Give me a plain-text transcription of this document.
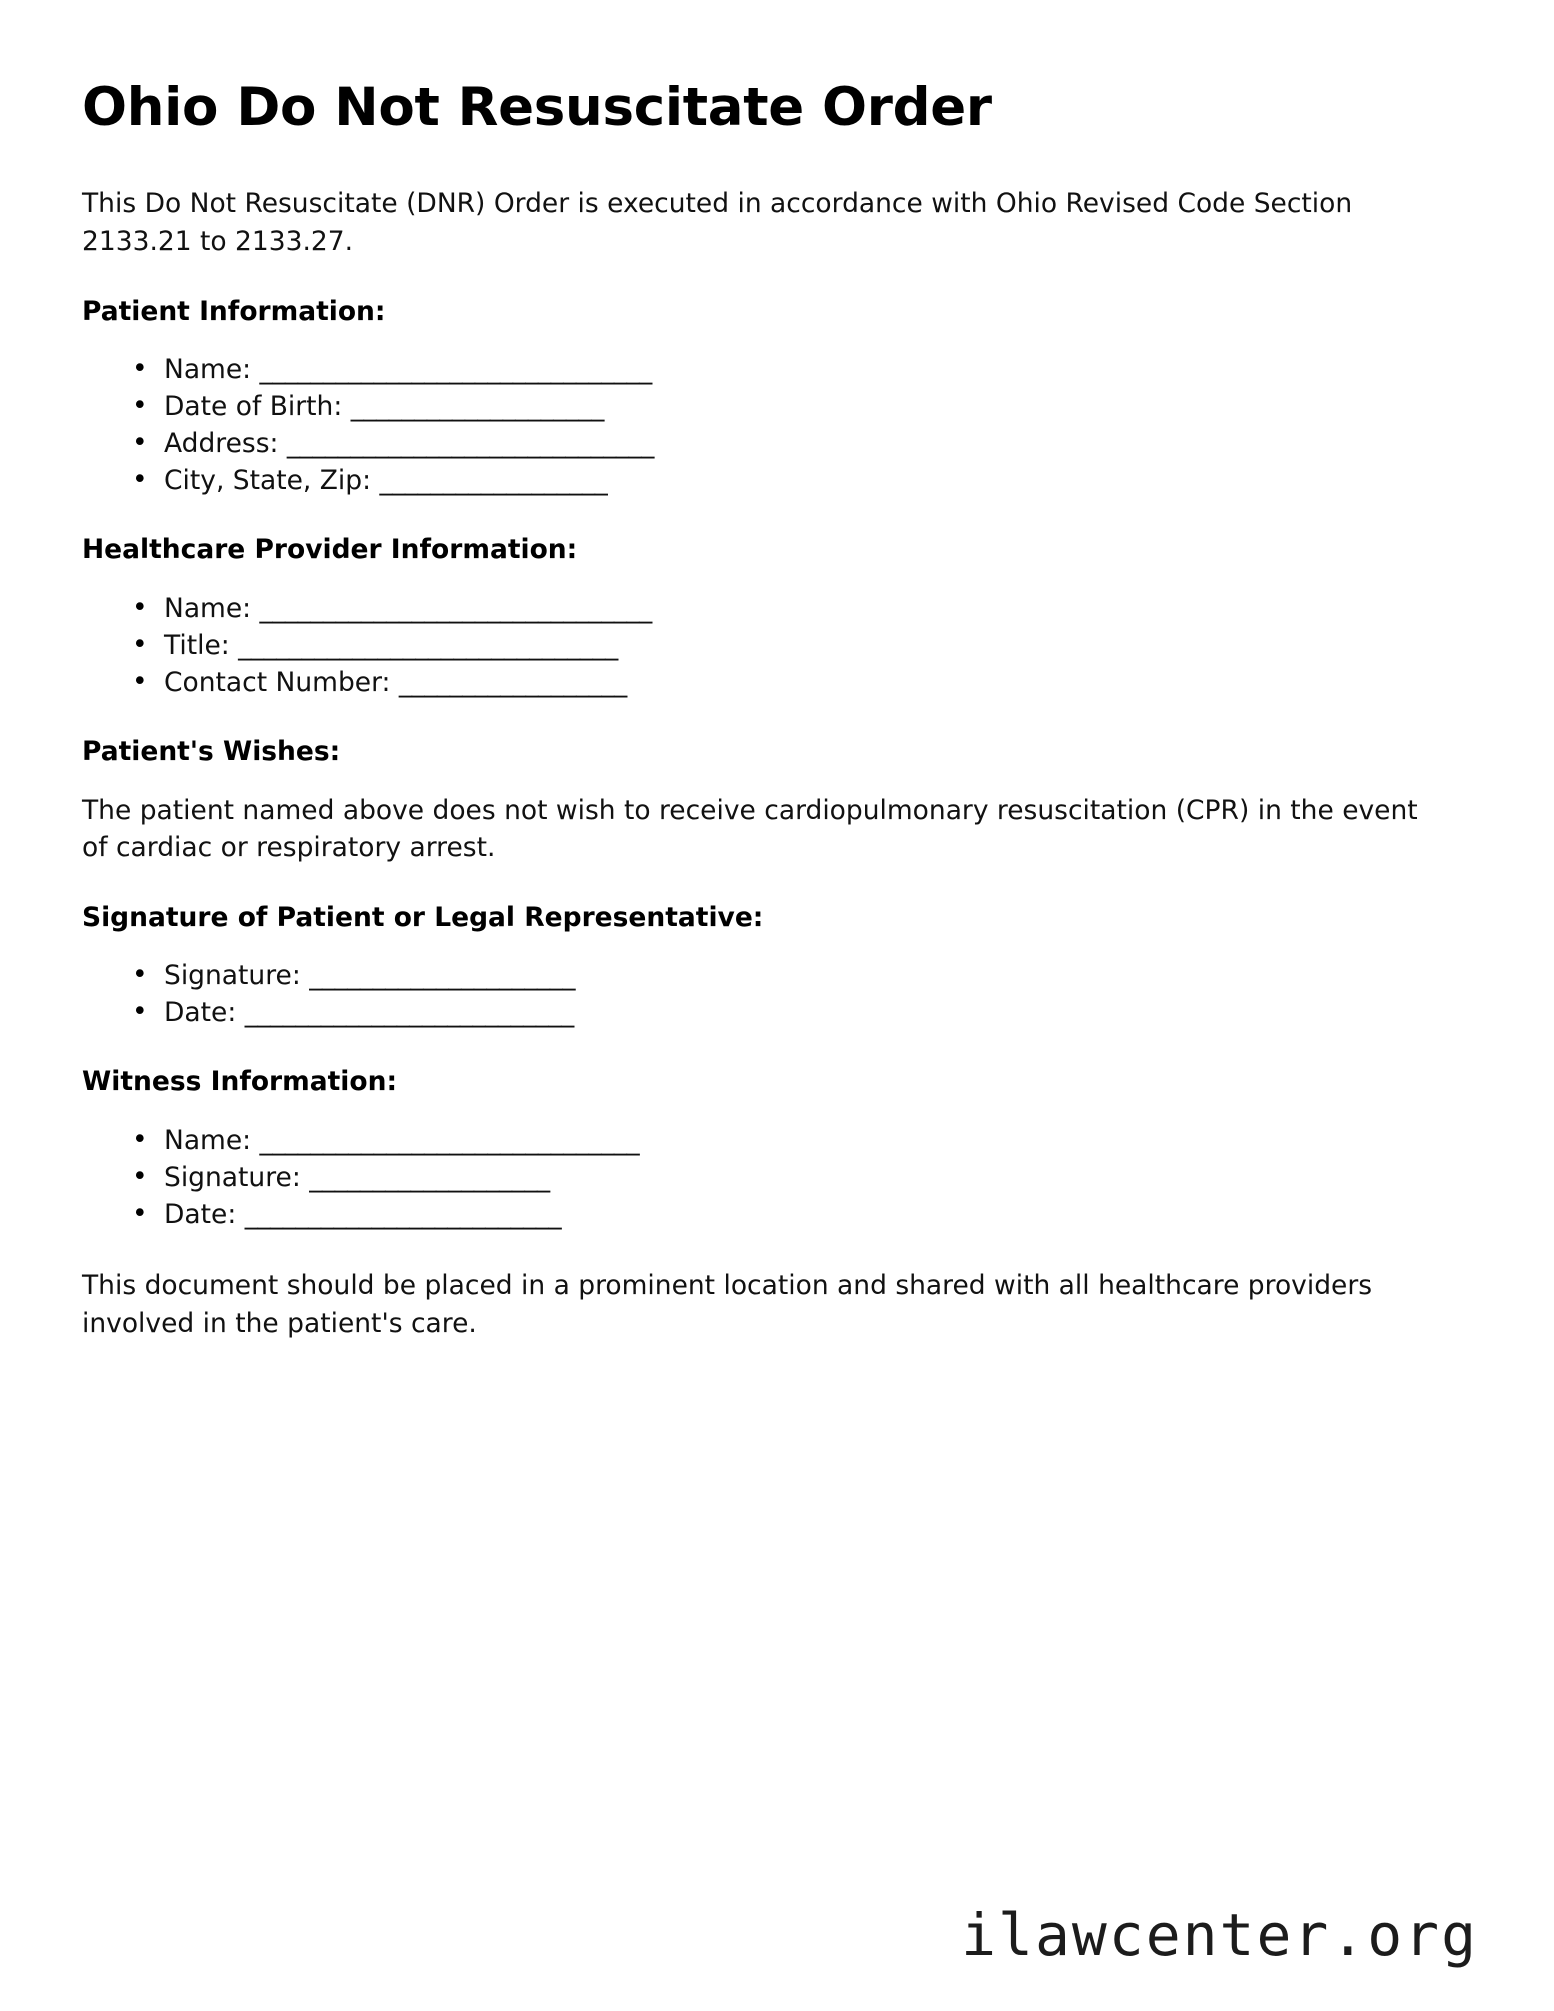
Ohio Do Not Resuscitate Order

This Do Not Resuscitate (DNR) Order is executed in accordance with Ohio Revised Code Section 2133.21 to 2133.27.

Patient Information:
• Name: _______________________________
• Date of Birth: ____________________
• Address: _____________________________
• City, State, Zip: __________________
Healthcare Provider Information:
• Name: _______________________________
• Title: ______________________________
• Contact Number: __________________
Patient's Wishes:

The patient named above does not wish to receive cardiopulmonary resuscitation (CPR) in the event of cardiac or respiratory arrest.

Signature of Patient or Legal Representative:
• Signature: _____________________
• Date: __________________________
Witness Information:
• Name: ______________________________
• Signature: ___________________
• Date: _________________________

This document should be placed in a prominent location and shared with all healthcare providers involved in the patient's care.

ilawcenter.org
